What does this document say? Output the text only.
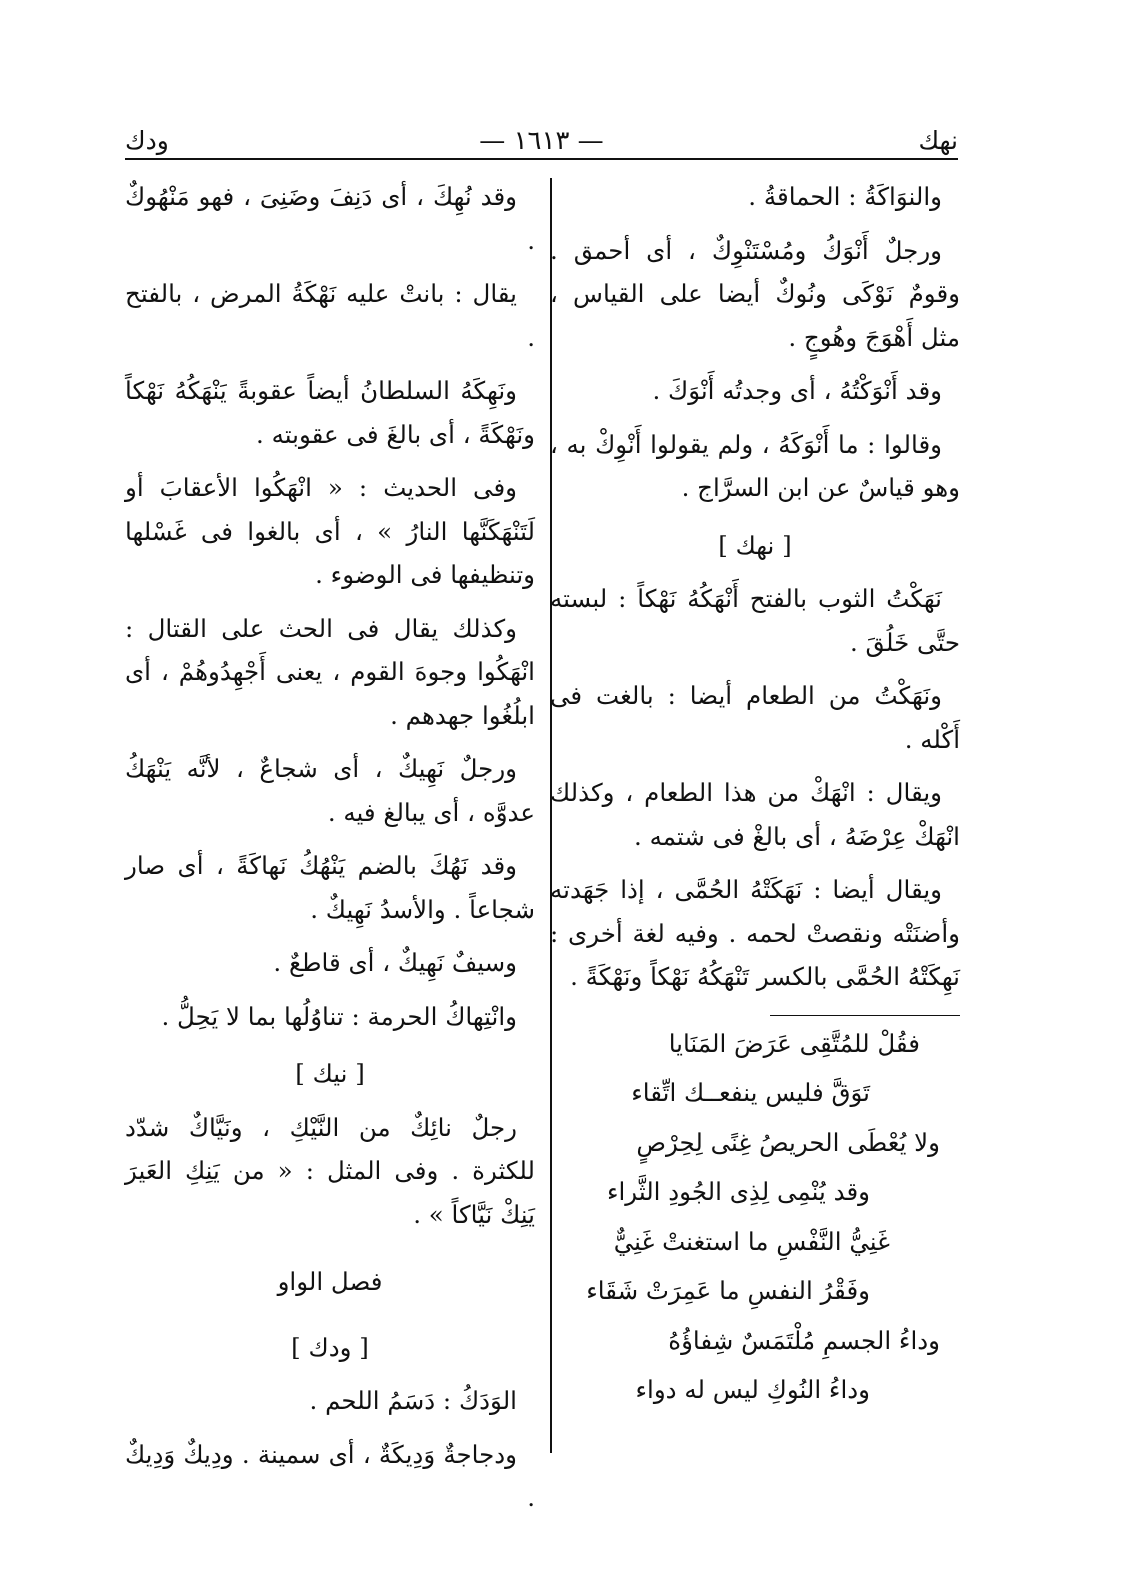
نهك
— ١٦١٣ —
ودك

والنوَاكَةُ : الحماقةُ .

ورجلٌ أَنْوَكُ ومُسْتَنْوِكٌ ، أى أحمق . وقومٌ نَوْكَى ونُوكٌ أيضا على القياس ، مثل أَهْوَجَ وهُوجٍ .

وقد أَنْوَكْتُهُ ، أى وجدتُه أَنْوَكَ .

وقالوا : ما أَنْوَكَهُ ، ولم يقولوا أَنْوِكْ به ، وهو قياسٌ عن ابن السرَّاج .

[ نهك ]

نَهَكْتُ الثوب بالفتح أَنْهَكُهُ نَهْكاً : لبسته حتَّى خَلُقَ .

ونَهَكْتُ من الطعام أيضا : بالغت فى أَكْله .

ويقال : انْهَكْ من هذا الطعام ، وكذلك انْهَكْ عِرْضَهُ ، أى بالغْ فى شتمه .

ويقال أيضا : نَهَكَتْهُ الحُمَّى ، إذا جَهَدته وأضنَتْه ونقصتْ لحمه . وفيه لغة أخرى : نَهِكَتْهُ الحُمَّى بالكسر تَنْهَكُهُ نَهْكاً ونَهْكَةً .

فقُلْ للمُتَّقِى عَرَضَ المَنَايا

تَوَقَّ فليس ينفعــك اتِّقاء

ولا يُعْطَى الحريصُ غِنًى لِحِرْصٍ

وقد يُنْمِى لِذِى الجُودِ الثَّراء

غَنِيُّ النَّفْسِ ما استغنتْ غَنِيٌّ

وفَقْرُ النفسِ ما عَمِرَتْ شَقَاء

وداءُ الجسمِ مُلْتَمَسٌ شِفاؤُهُ

وداءُ النُوكِ ليس له دواء

وقد نُهِكَ ، أى دَنِفَ وضَنِىَ ، فهو مَنْهُوكٌ .

يقال : بانتْ عليه نَهْكَةُ المرض ، بالفتح .

ونَهِكَهُ السلطانُ أيضاً عقوبةً يَنْهَكُهُ نَهْكاً ونَهْكَةً ، أى بالغَ فى عقوبته .

وفى الحديث : « انْهَكُوا الأعقابَ أو لَتَنْهَكَنَّها النارُ » ، أى بالغوا فى غَسْلها وتنظيفها فى الوضوء .

وكذلك يقال فى الحث على القتال : انْهَكُوا وجوهَ القوم ، يعنى أَجْهِدُوهُمْ ، أى ابلُغُوا جهدهم .

ورجلٌ نَهِيكٌ ، أى شجاعٌ ، لأنَّه يَنْهَكُ عدوَّه ، أى يبالغ فيه .

وقد نَهُكَ بالضم يَنْهُكُ نَهاكَةً ، أى صار شجاعاً . والأسدُ نَهِيكٌ .

وسيفٌ نَهِيكٌ ، أى قاطعٌ .

وانْتِهاكُ الحرمة : تناوُلُها بما لا يَحِلُّ .

[ نيك ]

رجلٌ نائِكٌ من النَّيْكِ ، ونَيَّاكٌ شدّد للكثرة . وفى المثل : « من يَنِكِ العَيرَ يَنِكْ نَيَّاكاً » .

فصل الواو

[ ودك ]

الوَدَكُ : دَسَمُ اللحم .

ودجاجةٌ وَدِيكَةٌ ، أى سمينة . ودِيكٌ وَدِيكٌ .
